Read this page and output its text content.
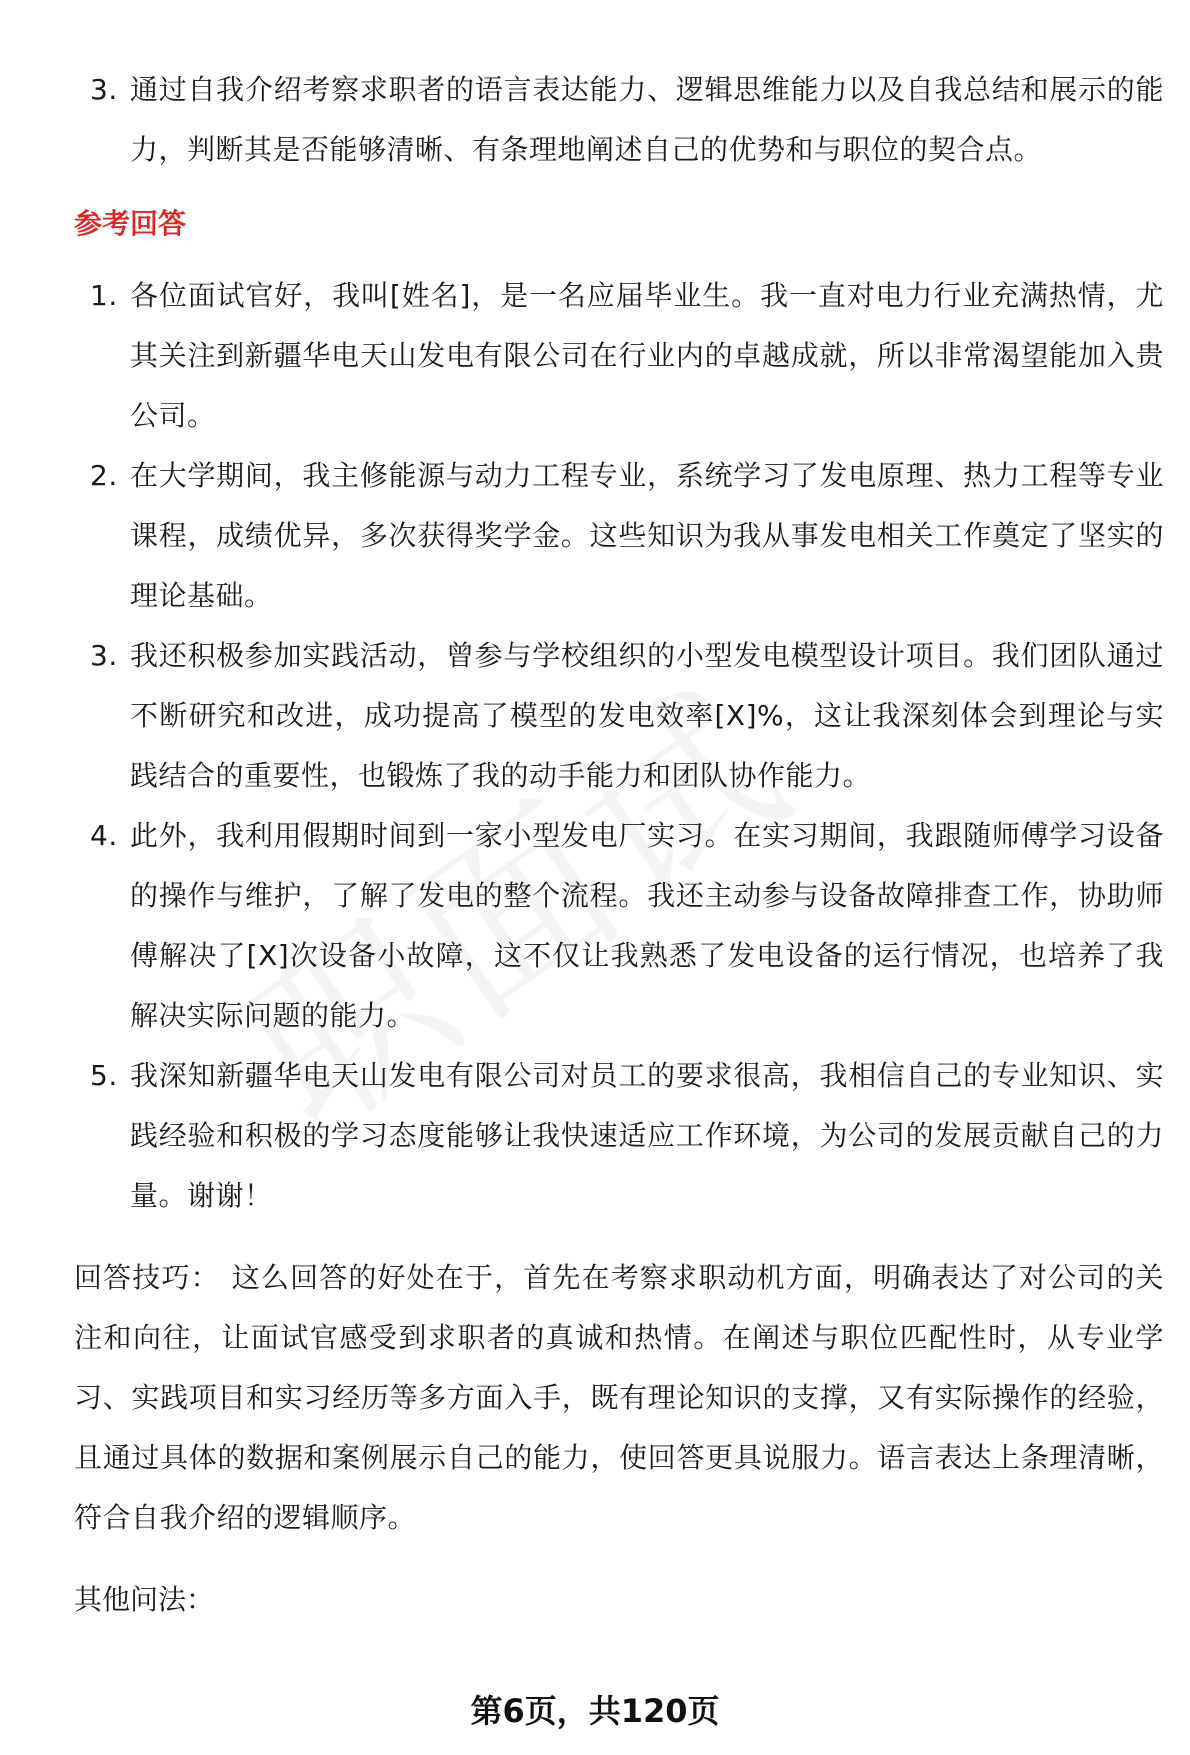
3. 通过自我介绍考察求职者的语言表达能力、逻辑思维能力以及自我总结和展示的能力，判断其是否能够清晰、有条理地阐述自己的优势和与职位的契合点。

参考回答

1. 各位面试官好，我叫[姓名]，是一名应届毕业生。我一直对电力行业充满热情，尤其关注到新疆华电天山发电有限公司在行业内的卓越成就，所以非常渴望能加入贵公司。

2. 在大学期间，我主修能源与动力工程专业，系统学习了发电原理、热力工程等专业课程，成绩优异，多次获得奖学金。这些知识为我从事发电相关工作奠定了坚实的理论基础。

3. 我还积极参加实践活动，曾参与学校组织的小型发电模型设计项目。我们团队通过不断研究和改进，成功提高了模型的发电效率[X]%，这让我深刻体会到理论与实践结合的重要性，也锻炼了我的动手能力和团队协作能力。

4. 此外，我利用假期时间到一家小型发电厂实习。在实习期间，我跟随师傅学习设备的操作与维护，了解了发电的整个流程。我还主动参与设备故障排查工作，协助师傅解决了[X]次设备小故障，这不仅让我熟悉了发电设备的运行情况，也培养了我解决实际问题的能力。

5. 我深知新疆华电天山发电有限公司对员工的要求很高，我相信自己的专业知识、实践经验和积极的学习态度能够让我快速适应工作环境，为公司的发展贡献自己的力量。谢谢！

回答技巧： 这么回答的好处在于，首先在考察求职动机方面，明确表达了对公司的关注和向往，让面试官感受到求职者的真诚和热情。在阐述与职位匹配性时，从专业学习、实践项目和实习经历等多方面入手，既有理论知识的支撑，又有实际操作的经验，且通过具体的数据和案例展示自己的能力，使回答更具说服力。语言表达上条理清晰，符合自我介绍的逻辑顺序。

其他问法：

第6页，共120页
